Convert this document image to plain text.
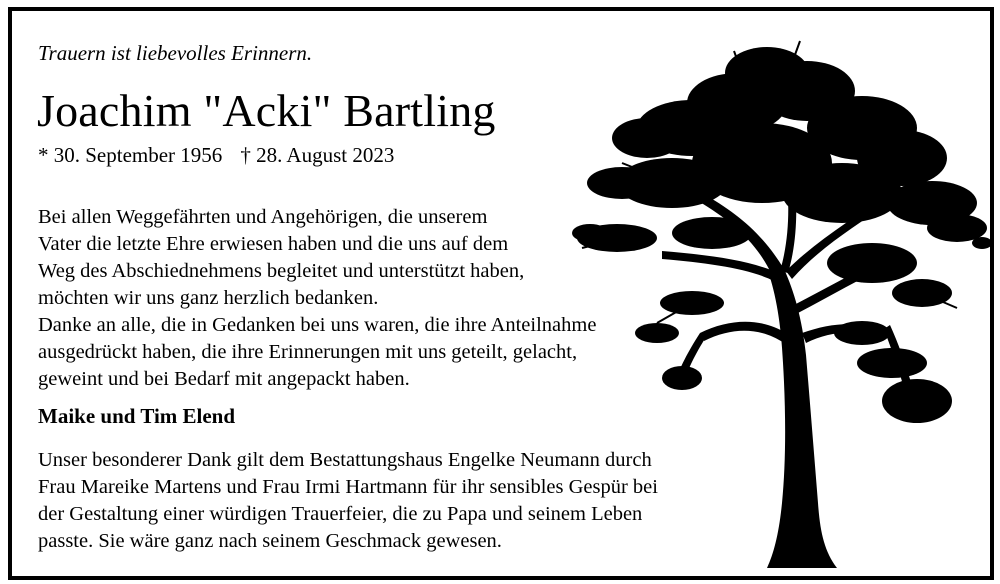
Trauern ist liebevolles Erinnern.
Joachim "Acki" Bartling
* 30. September 1956 † 28. August 2023
Bei allen Weggefährten und Angehörigen, die unserem
Vater die letzte Ehre erwiesen haben und die uns auf dem
Weg des Abschiednehmens begleitet und unterstützt haben,
möchten wir uns ganz herzlich bedanken.
Danke an alle, die in Gedanken bei uns waren, die ihre Anteilnahme
ausgedrückt haben, die ihre Erinnerungen mit uns geteilt, gelacht,
geweint und bei Bedarf mit angepackt haben.
Maike und Tim Elend
Unser besonderer Dank gilt dem Bestattungshaus Engelke Neumann durch
Frau Mareike Martens und Frau Irmi Hartmann für ihr sensibles Gespür bei
der Gestaltung einer würdigen Trauerfeier, die zu Papa und seinem Leben
passte. Sie wäre ganz nach seinem Geschmack gewesen.
